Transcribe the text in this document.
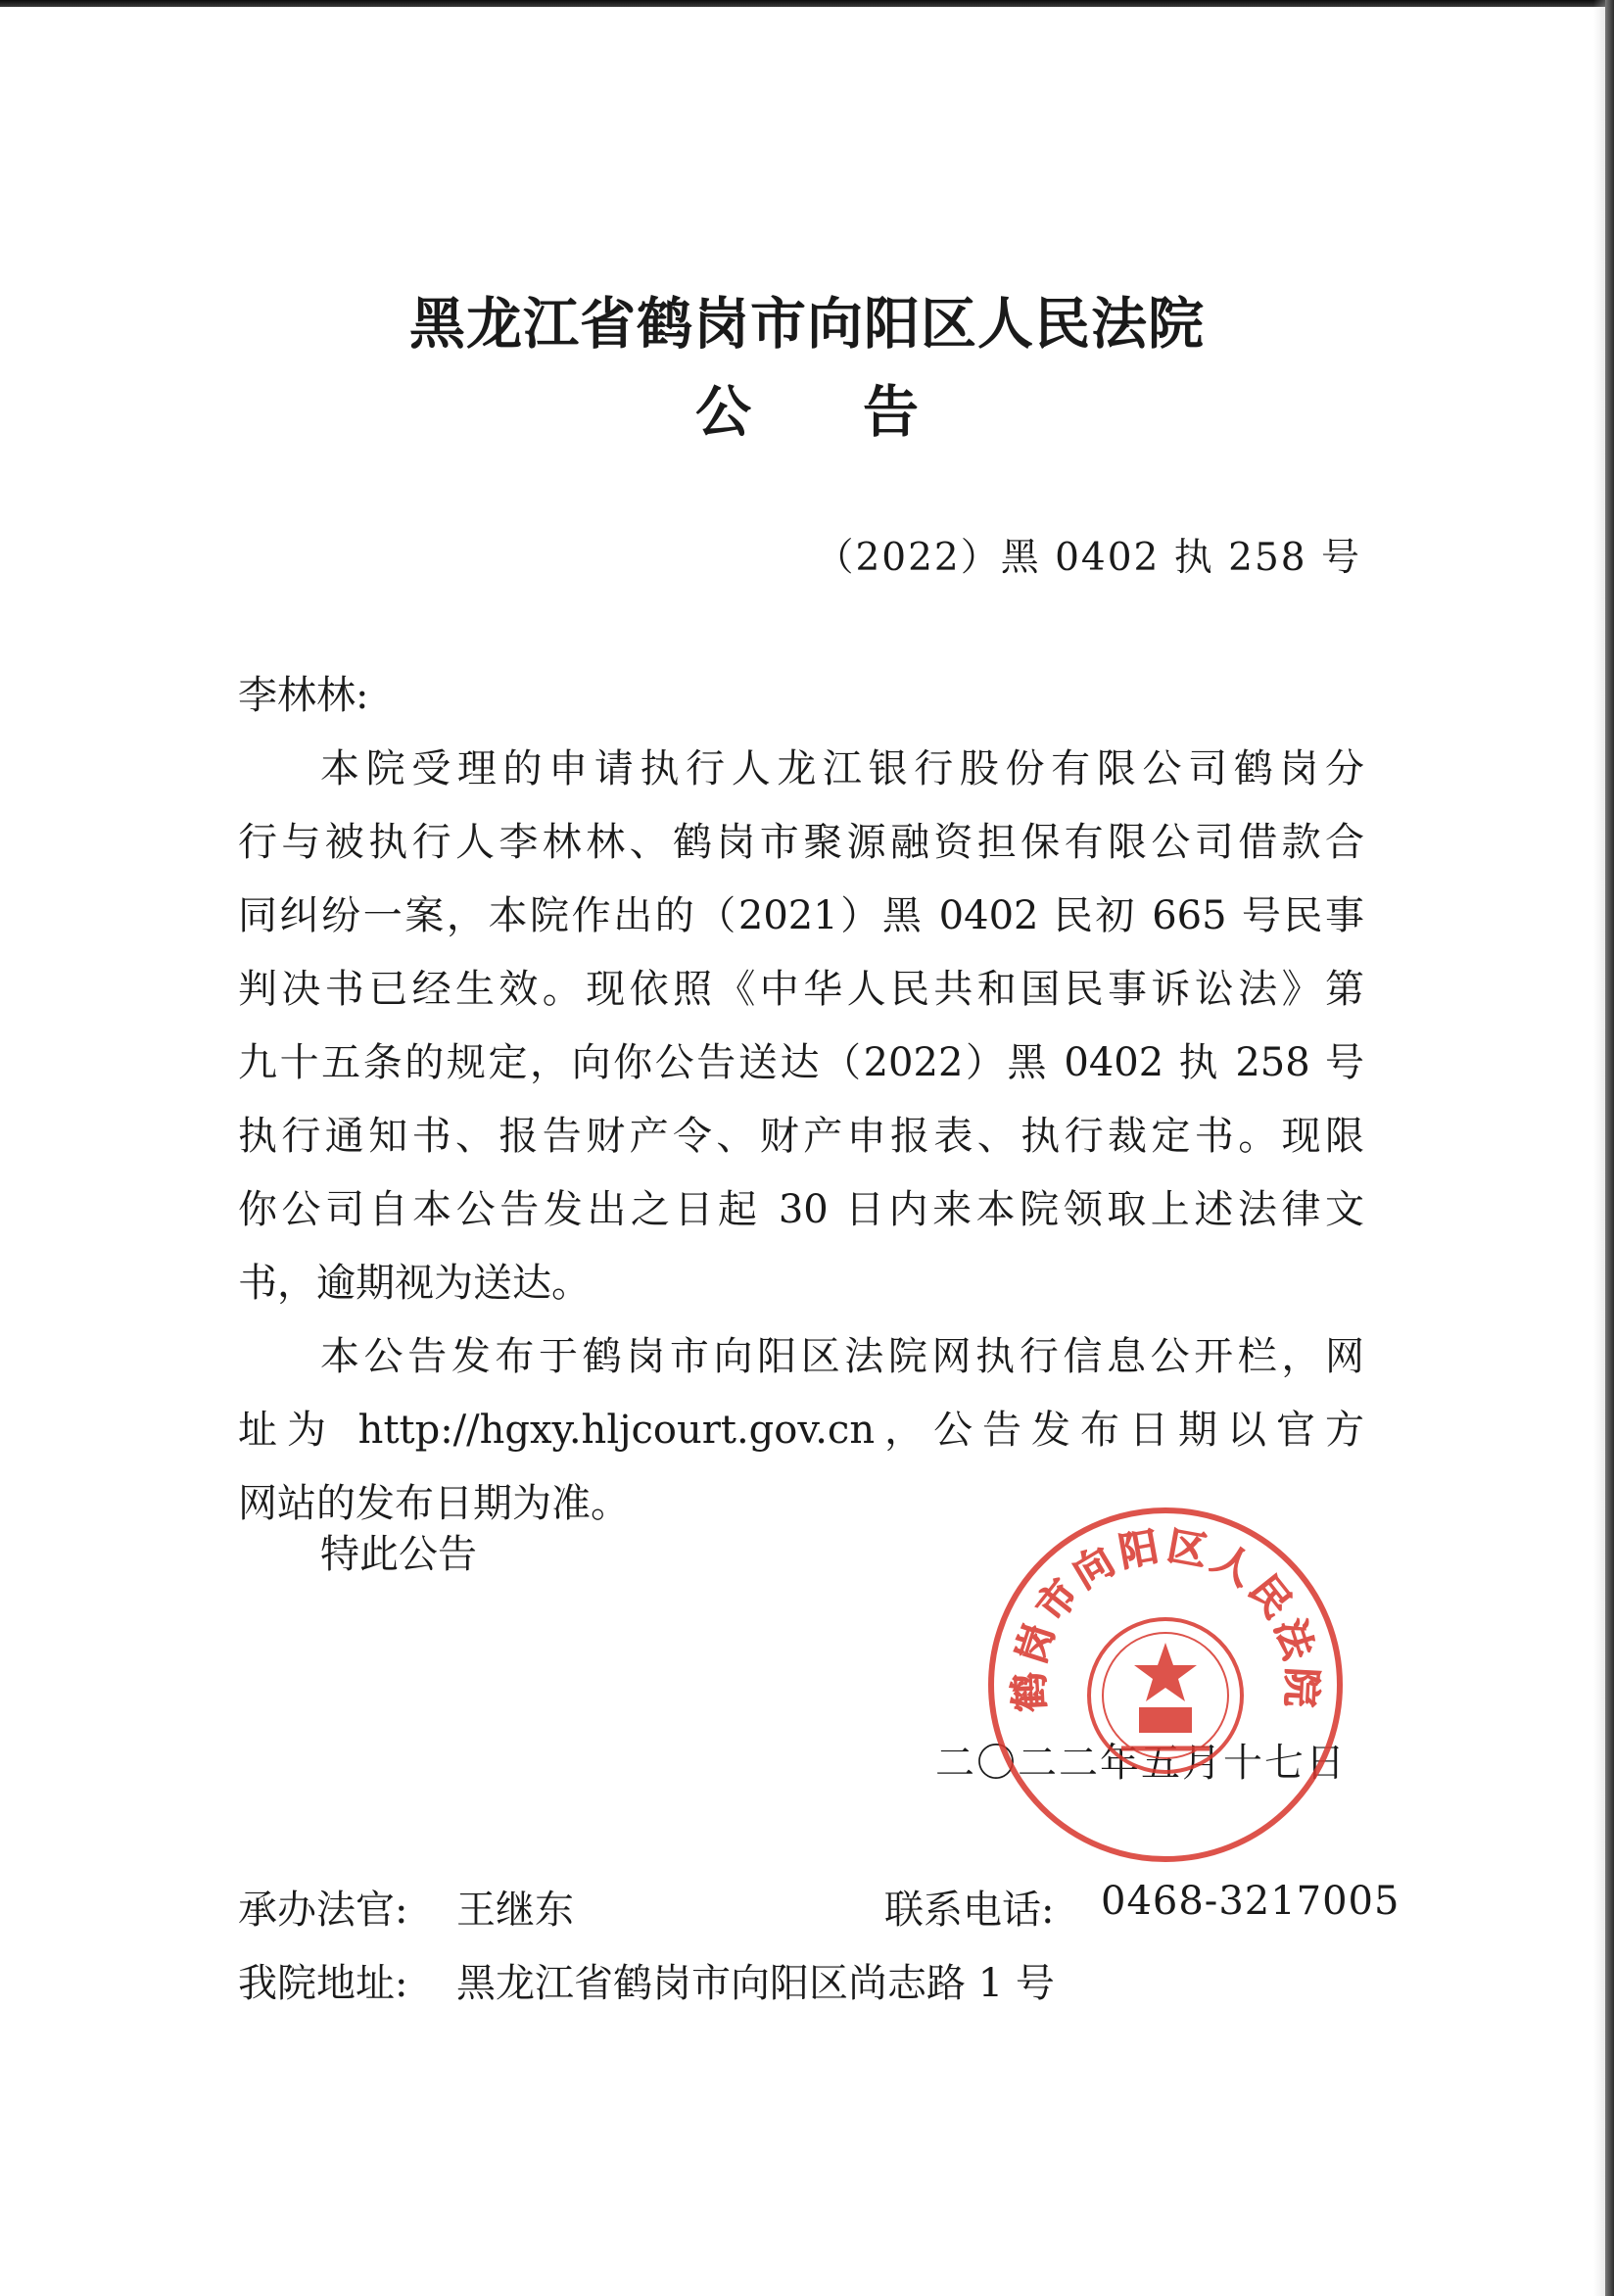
黑龙江省鹤岗市向阳区人民法院
公　　告
（2022）黑 0402 执 258 号
李林林:
本院受理的申请执行人龙江银行股份有限公司鹤岗分
行与被执行人李林林、鹤岗市聚源融资担保有限公司借款合
同纠纷一案，本院作出的（2021）黑 0402 民初 665 号民事
判决书已经生效。现依照《中华人民共和国民事诉讼法》第
九十五条的规定，向你公告送达（2022）黑 0402 执 258 号
执行通知书、报告财产令、财产申报表、执行裁定书。现限
你公司自本公告发出之日起 30 日内来本院领取上述法律文
书，逾期视为送达。
本公告发布于鹤岗市向阳区法院网执行信息公开栏，网
址为 http://hgxy.hljcourt.gov.cn，公告发布日期以官方
网站的发布日期为准。
特此公告
二〇二二年五月十七日
鹤岗市向阳区人民法院
承办法官: 王继东	联系电话: 0468-3217005
我院地址: 黑龙江省鹤岗市向阳区尚志路 1 号
